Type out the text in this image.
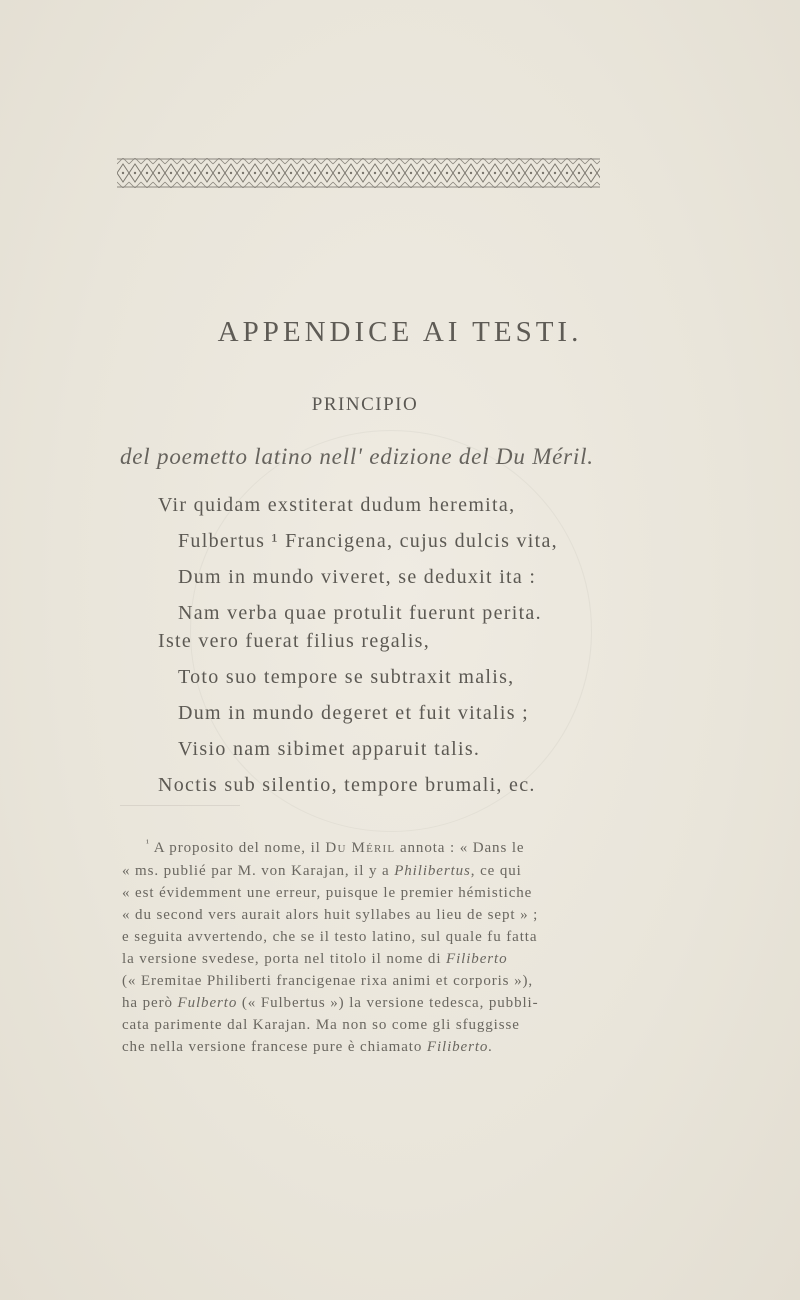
APPENDICE AI TESTI.
PRINCIPIO
del poemetto latino nell' edizione del Du Méril.
Vir quidam exstiterat dudum heremita,
Fulbertus ¹ Francigena, cujus dulcis vita,
Dum in mundo viveret, se deduxit ita :
Nam verba quae protulit fuerunt perita.
Iste vero fuerat filius regalis,
Toto suo tempore se subtraxit malis,
Dum in mundo degeret et fuit vitalis ;
Visio nam sibimet apparuit talis.
Noctis sub silentio, tempore brumali, ec.
$^{^1}$ A proposito del nome, il Du Méril annota : « Dans le
« ms. publié par M. von Karajan, il y a Philibertus, ce qui
« est évidemment une erreur, puisque le premier hémistiche
« du second vers aurait alors huit syllabes au lieu de sept » ;
e seguita avvertendo, che se il testo latino, sul quale fu fatta
la versione svedese, porta nel titolo il nome di Filiberto
(« Eremitae Philiberti francigenae rixa animi et corporis »),
ha però Fulberto (« Fulbertus ») la versione tedesca, pubbli-
cata parimente dal Karajan. Ma non so come gli sfuggisse
che nella versione francese pure è chiamato Filiberto.
